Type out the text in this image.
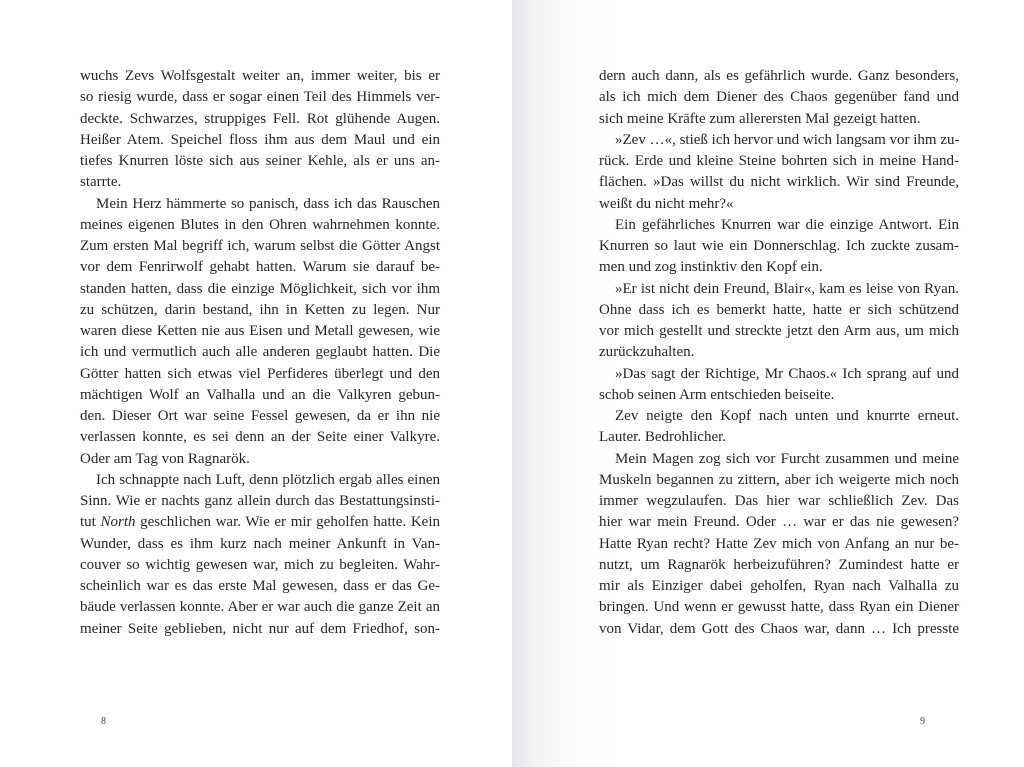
wuchs Zevs Wolfsgestalt weiter an, immer weiter, bis er
so riesig wurde, dass er sogar einen Teil des Himmels ver-
deckte. Schwarzes, struppiges Fell. Rot glühende Augen.
Heißer Atem. Speichel floss ihm aus dem Maul und ein
tiefes Knurren löste sich aus seiner Kehle, als er uns an-
starrte.
Mein Herz hämmerte so panisch, dass ich das Rauschen
meines eigenen Blutes in den Ohren wahrnehmen konnte.
Zum ersten Mal begriff ich, warum selbst die Götter Angst
vor dem Fenrirwolf gehabt hatten. Warum sie darauf be-
standen hatten, dass die einzige Möglichkeit, sich vor ihm
zu schützen, darin bestand, ihn in Ketten zu legen. Nur
waren diese Ketten nie aus Eisen und Metall gewesen, wie
ich und vermutlich auch alle anderen geglaubt hatten. Die
Götter hatten sich etwas viel Perfideres überlegt und den
mächtigen Wolf an Valhalla und an die Valkyren gebun-
den. Dieser Ort war seine Fessel gewesen, da er ihn nie
verlassen konnte, es sei denn an der Seite einer Valkyre.
Oder am Tag von Ragnarök.
Ich schnappte nach Luft, denn plötzlich ergab alles einen
Sinn. Wie er nachts ganz allein durch das Bestattungsinsti-
tut North geschlichen war. Wie er mir geholfen hatte. Kein
Wunder, dass es ihm kurz nach meiner Ankunft in Van-
couver so wichtig gewesen war, mich zu begleiten. Wahr-
scheinlich war es das erste Mal gewesen, dass er das Ge-
bäude verlassen konnte. Aber er war auch die ganze Zeit an
meiner Seite geblieben, nicht nur auf dem Friedhof, son-
8
dern auch dann, als es gefährlich wurde. Ganz besonders,
als ich mich dem Diener des Chaos gegenüber fand und
sich meine Kräfte zum allerersten Mal gezeigt hatten.
»Zev …«, stieß ich hervor und wich langsam vor ihm zu-
rück. Erde und kleine Steine bohrten sich in meine Hand-
flächen. »Das willst du nicht wirklich. Wir sind Freunde,
weißt du nicht mehr?«
Ein gefährliches Knurren war die einzige Antwort. Ein
Knurren so laut wie ein Donnerschlag. Ich zuckte zusam-
men und zog instinktiv den Kopf ein.
»Er ist nicht dein Freund, Blair«, kam es leise von Ryan.
Ohne dass ich es bemerkt hatte, hatte er sich schützend
vor mich gestellt und streckte jetzt den Arm aus, um mich
zurückzuhalten.
»Das sagt der Richtige, Mr Chaos.« Ich sprang auf und
schob seinen Arm entschieden beiseite.
Zev neigte den Kopf nach unten und knurrte erneut.
Lauter. Bedrohlicher.
Mein Magen zog sich vor Furcht zusammen und meine
Muskeln begannen zu zittern, aber ich weigerte mich noch
immer wegzulaufen. Das hier war schließlich Zev. Das
hier war mein Freund. Oder … war er das nie gewesen?
Hatte Ryan recht? Hatte Zev mich von Anfang an nur be-
nutzt, um Ragnarök herbeizuführen? Zumindest hatte er
mir als Einziger dabei geholfen, Ryan nach Valhalla zu
bringen. Und wenn er gewusst hatte, dass Ryan ein Diener
von Vidar, dem Gott des Chaos war, dann … Ich presste
9
